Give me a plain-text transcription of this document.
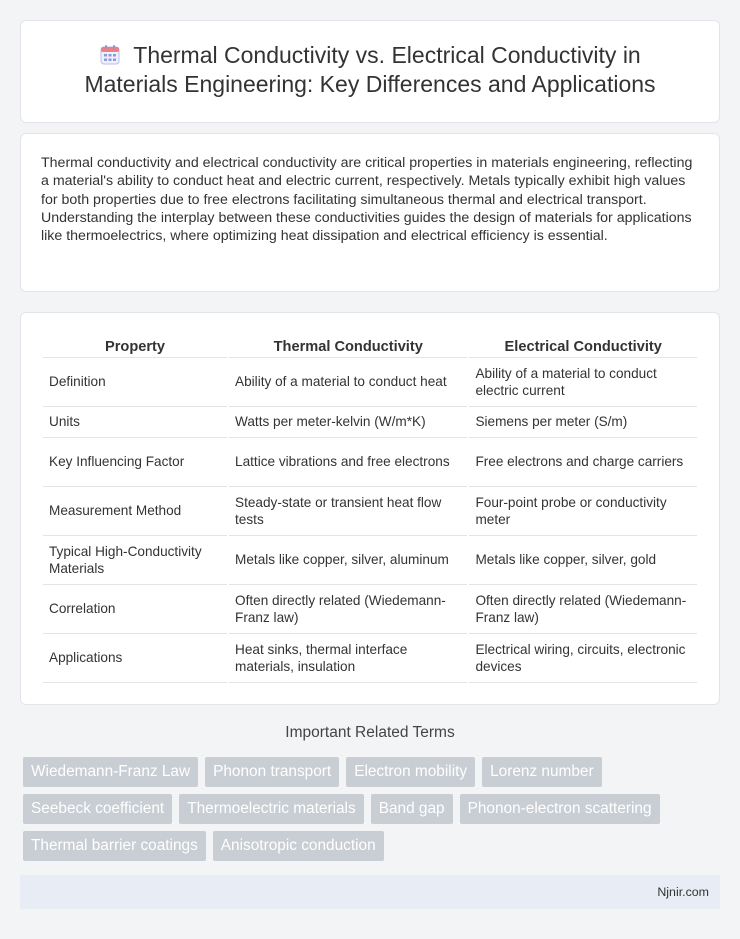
Thermal Conductivity vs. Electrical Conductivity in Materials Engineering: Key Differences and Applications

Thermal conductivity and electrical conductivity are critical properties in materials engineering, reflecting a material's ability to conduct heat and electric current, respectively. Metals typically exhibit high values for both properties due to free electrons facilitating simultaneous thermal and electrical transport. Understanding the interplay between these conductivities guides the design of materials for applications like thermoelectrics, where optimizing heat dissipation and electrical efficiency is essential.

Property	Thermal Conductivity	Electrical Conductivity
Definition	Ability of a material to conduct heat	Ability of a material to conduct electric current
Units	Watts per meter-kelvin (W/m*K)	Siemens per meter (S/m)
Key Influencing Factor	Lattice vibrations and free electrons	Free electrons and charge carriers
Measurement Method	Steady-state or transient heat flow tests	Four-point probe or conductivity meter
Typical High-Conductivity Materials	Metals like copper, silver, aluminum	Metals like copper, silver, gold
Correlation	Often directly related (Wiedemann-Franz law)	Often directly related (Wiedemann-Franz law)
Applications	Heat sinks, thermal interface materials, insulation	Electrical wiring, circuits, electronic devices
Important Related Terms
Wiedemann-Franz Law	Phonon transport	Electron mobility	Lorenz number
Seebeck coefficient	Thermoelectric materials	Band gap	Phonon-electron scattering
Thermal barrier coatings	Anisotropic conduction
Njnir.com
